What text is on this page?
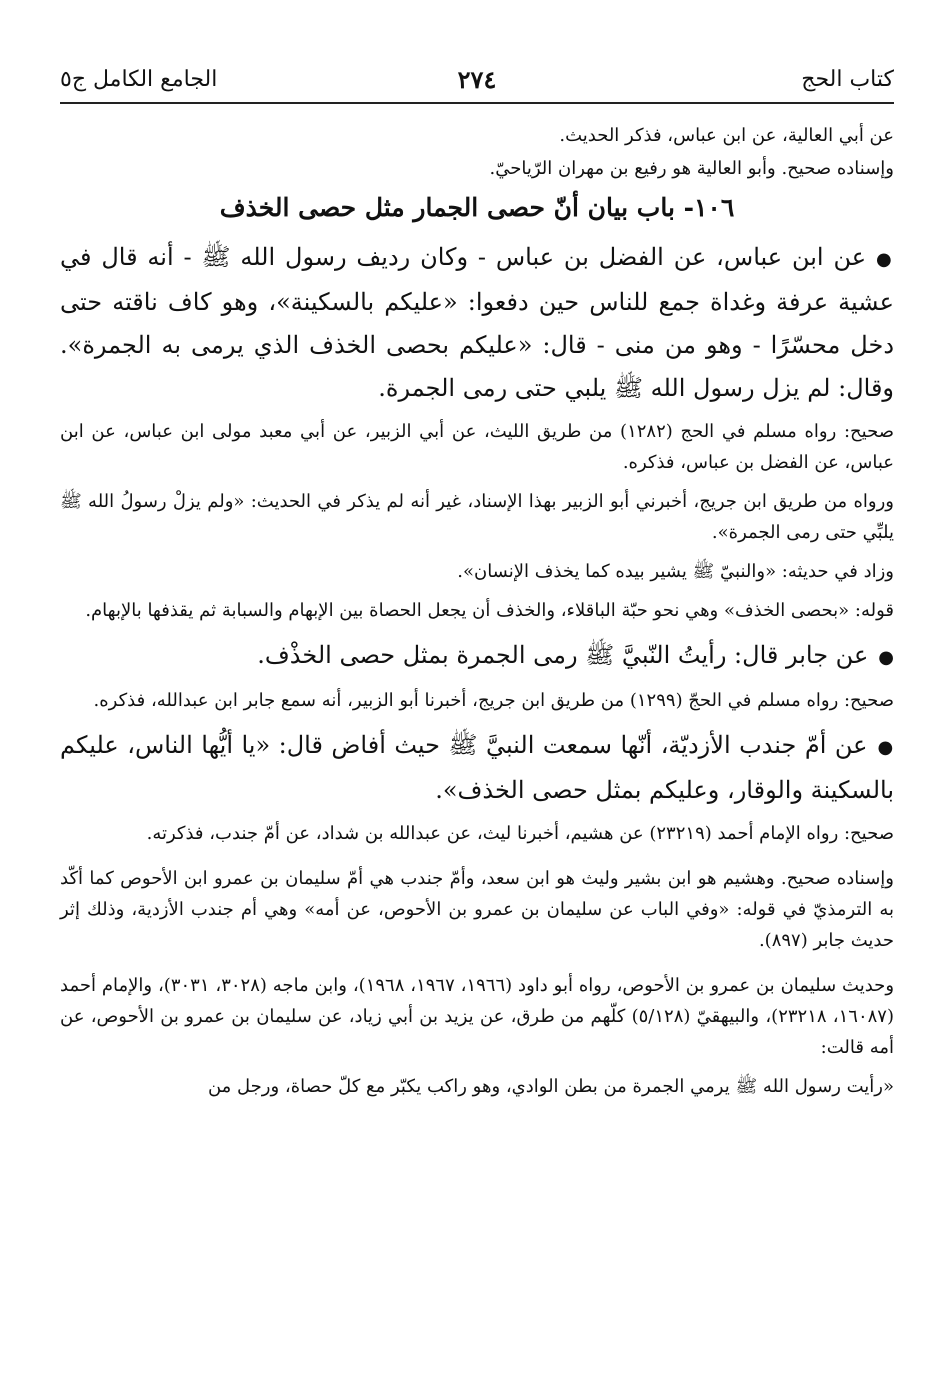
كتاب الحج
٢٧٤
الجامع الكامل ج٥

عن أبي العالية، عن ابن عباس، فذكر الحديث.

وإسناده صحيح. وأبو العالية هو رفيع بن مهران الرّياحيّ.

١٠٦- باب بيان أنّ حصى الجمار مثل حصى الخذف

●عن ابن عباس، عن الفضل بن عباس - وكان رديف رسول الله ﷺ - أنه قال في عشية عرفة وغداة جمع للناس حين دفعوا: «عليكم بالسكينة»، وهو كاف ناقته حتى دخل محسّرًا - وهو من منى - قال: «عليكم بحصى الخذف الذي يرمى به الجمرة». وقال: لم يزل رسول الله ﷺ يلبي حتى رمى الجمرة.

صحيح: رواه مسلم في الحج (١٢٨٢) من طريق الليث، عن أبي الزبير، عن أبي معبد مولى ابن عباس، عن ابن عباس، عن الفضل بن عباس، فذكره.

ورواه من طريق ابن جريج، أخبرني أبو الزبير بهذا الإسناد، غير أنه لم يذكر في الحديث: «ولم يزلْ رسولُ الله ﷺ يلبِّي حتى رمى الجمرة».

وزاد في حديثه: «والنبيّ ﷺ يشير بيده كما يخذف الإنسان».

قوله: «بحصى الخذف» وهي نحو حبّة الباقلاء، والخذف أن يجعل الحصاة بين الإبهام والسبابة ثم يقذفها بالإبهام.

●عن جابر قال: رأيتُ النّبيَّ ﷺ رمى الجمرة بمثل حصى الخذْف.

صحيح: رواه مسلم في الحجّ (١٢٩٩) من طريق ابن جريج، أخبرنا أبو الزبير، أنه سمع جابر ابن عبدالله، فذكره.

●عن أمّ جندب الأزديّة، أنّها سمعت النبيَّ ﷺ حيث أفاض قال: «يا أيُّها الناس، عليكم بالسكينة والوقار، وعليكم بمثل حصى الخذف».

صحيح: رواه الإمام أحمد (٢٣٢١٩) عن هشيم، أخبرنا ليث، عن عبدالله بن شداد، عن أمّ جندب، فذكرته.

وإسناده صحيح. وهشيم هو ابن بشير وليث هو ابن سعد، وأمّ جندب هي أمّ سليمان بن عمرو ابن الأحوص كما أكّد به الترمذيّ في قوله: «وفي الباب عن سليمان بن عمرو بن الأحوص، عن أمه» وهي أم جندب الأزدية، وذلك إثر حديث جابر (٨٩٧).

وحديث سليمان بن عمرو بن الأحوص، رواه أبو داود (١٩٦٦، ١٩٦٧، ١٩٦٨)، وابن ماجه (٣٠٢٨، ٣٠٣١)، والإمام أحمد (١٦٠٨٧، ٢٣٢١٨)، والبيهقيّ (٥/١٢٨) كلّهم من طرق، عن يزيد بن أبي زياد، عن سليمان بن عمرو بن الأحوص، عن أمه قالت:

«رأيت رسول الله ﷺ يرمي الجمرة من بطن الوادي، وهو راكب يكبّر مع كلّ حصاة، ورجل من
